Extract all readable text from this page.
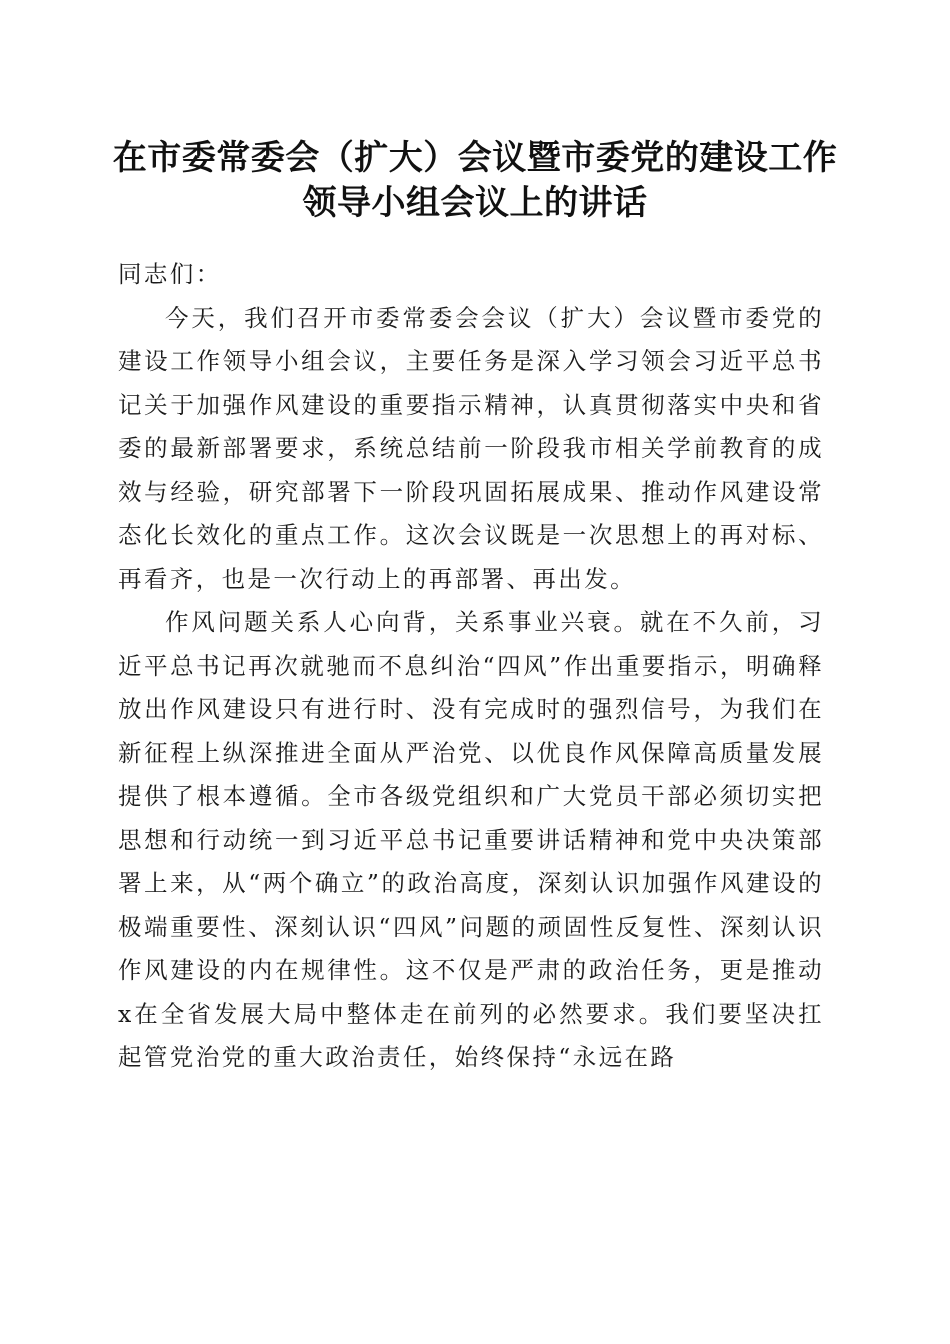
在市委常委会（扩大）会议暨市委党的建设工作领导小组会议上的讲话

同志们：

今天，我们召开市委常委会会议（扩大）会议暨市委党的建设工作领导小组会议，主要任务是深入学习领会习近平总书记关于加强作风建设的重要指示精神，认真贯彻落实中央和省委的最新部署要求，系统总结前一阶段我市相关学前教育的成效与经验，研究部署下一阶段巩固拓展成果、推动作风建设常态化长效化的重点工作。这次会议既是一次思想上的再对标、再看齐，也是一次行动上的再部署、再出发。

作风问题关系人心向背，关系事业兴衰。就在不久前，习近平总书记再次就驰而不息纠治“四风”作出重要指示，明确释放出作风建设只有进行时、没有完成时的强烈信号，为我们在新征程上纵深推进全面从严治党、以优良作风保障高质量发展提供了根本遵循。全市各级党组织和广大党员干部必须切实把思想和行动统一到习近平总书记重要讲话精神和党中央决策部署上来，从“两个确立”的政治高度，深刻认识加强作风建设的极端重要性、深刻认识“四风”问题的顽固性反复性、深刻认识作风建设的内在规律性。这不仅是严肃的政治任务，更是推动x在全省发展大局中整体走在前列的必然要求。我们要坚决扛起管党治党的重大政治责任，始终保持“永远在路
